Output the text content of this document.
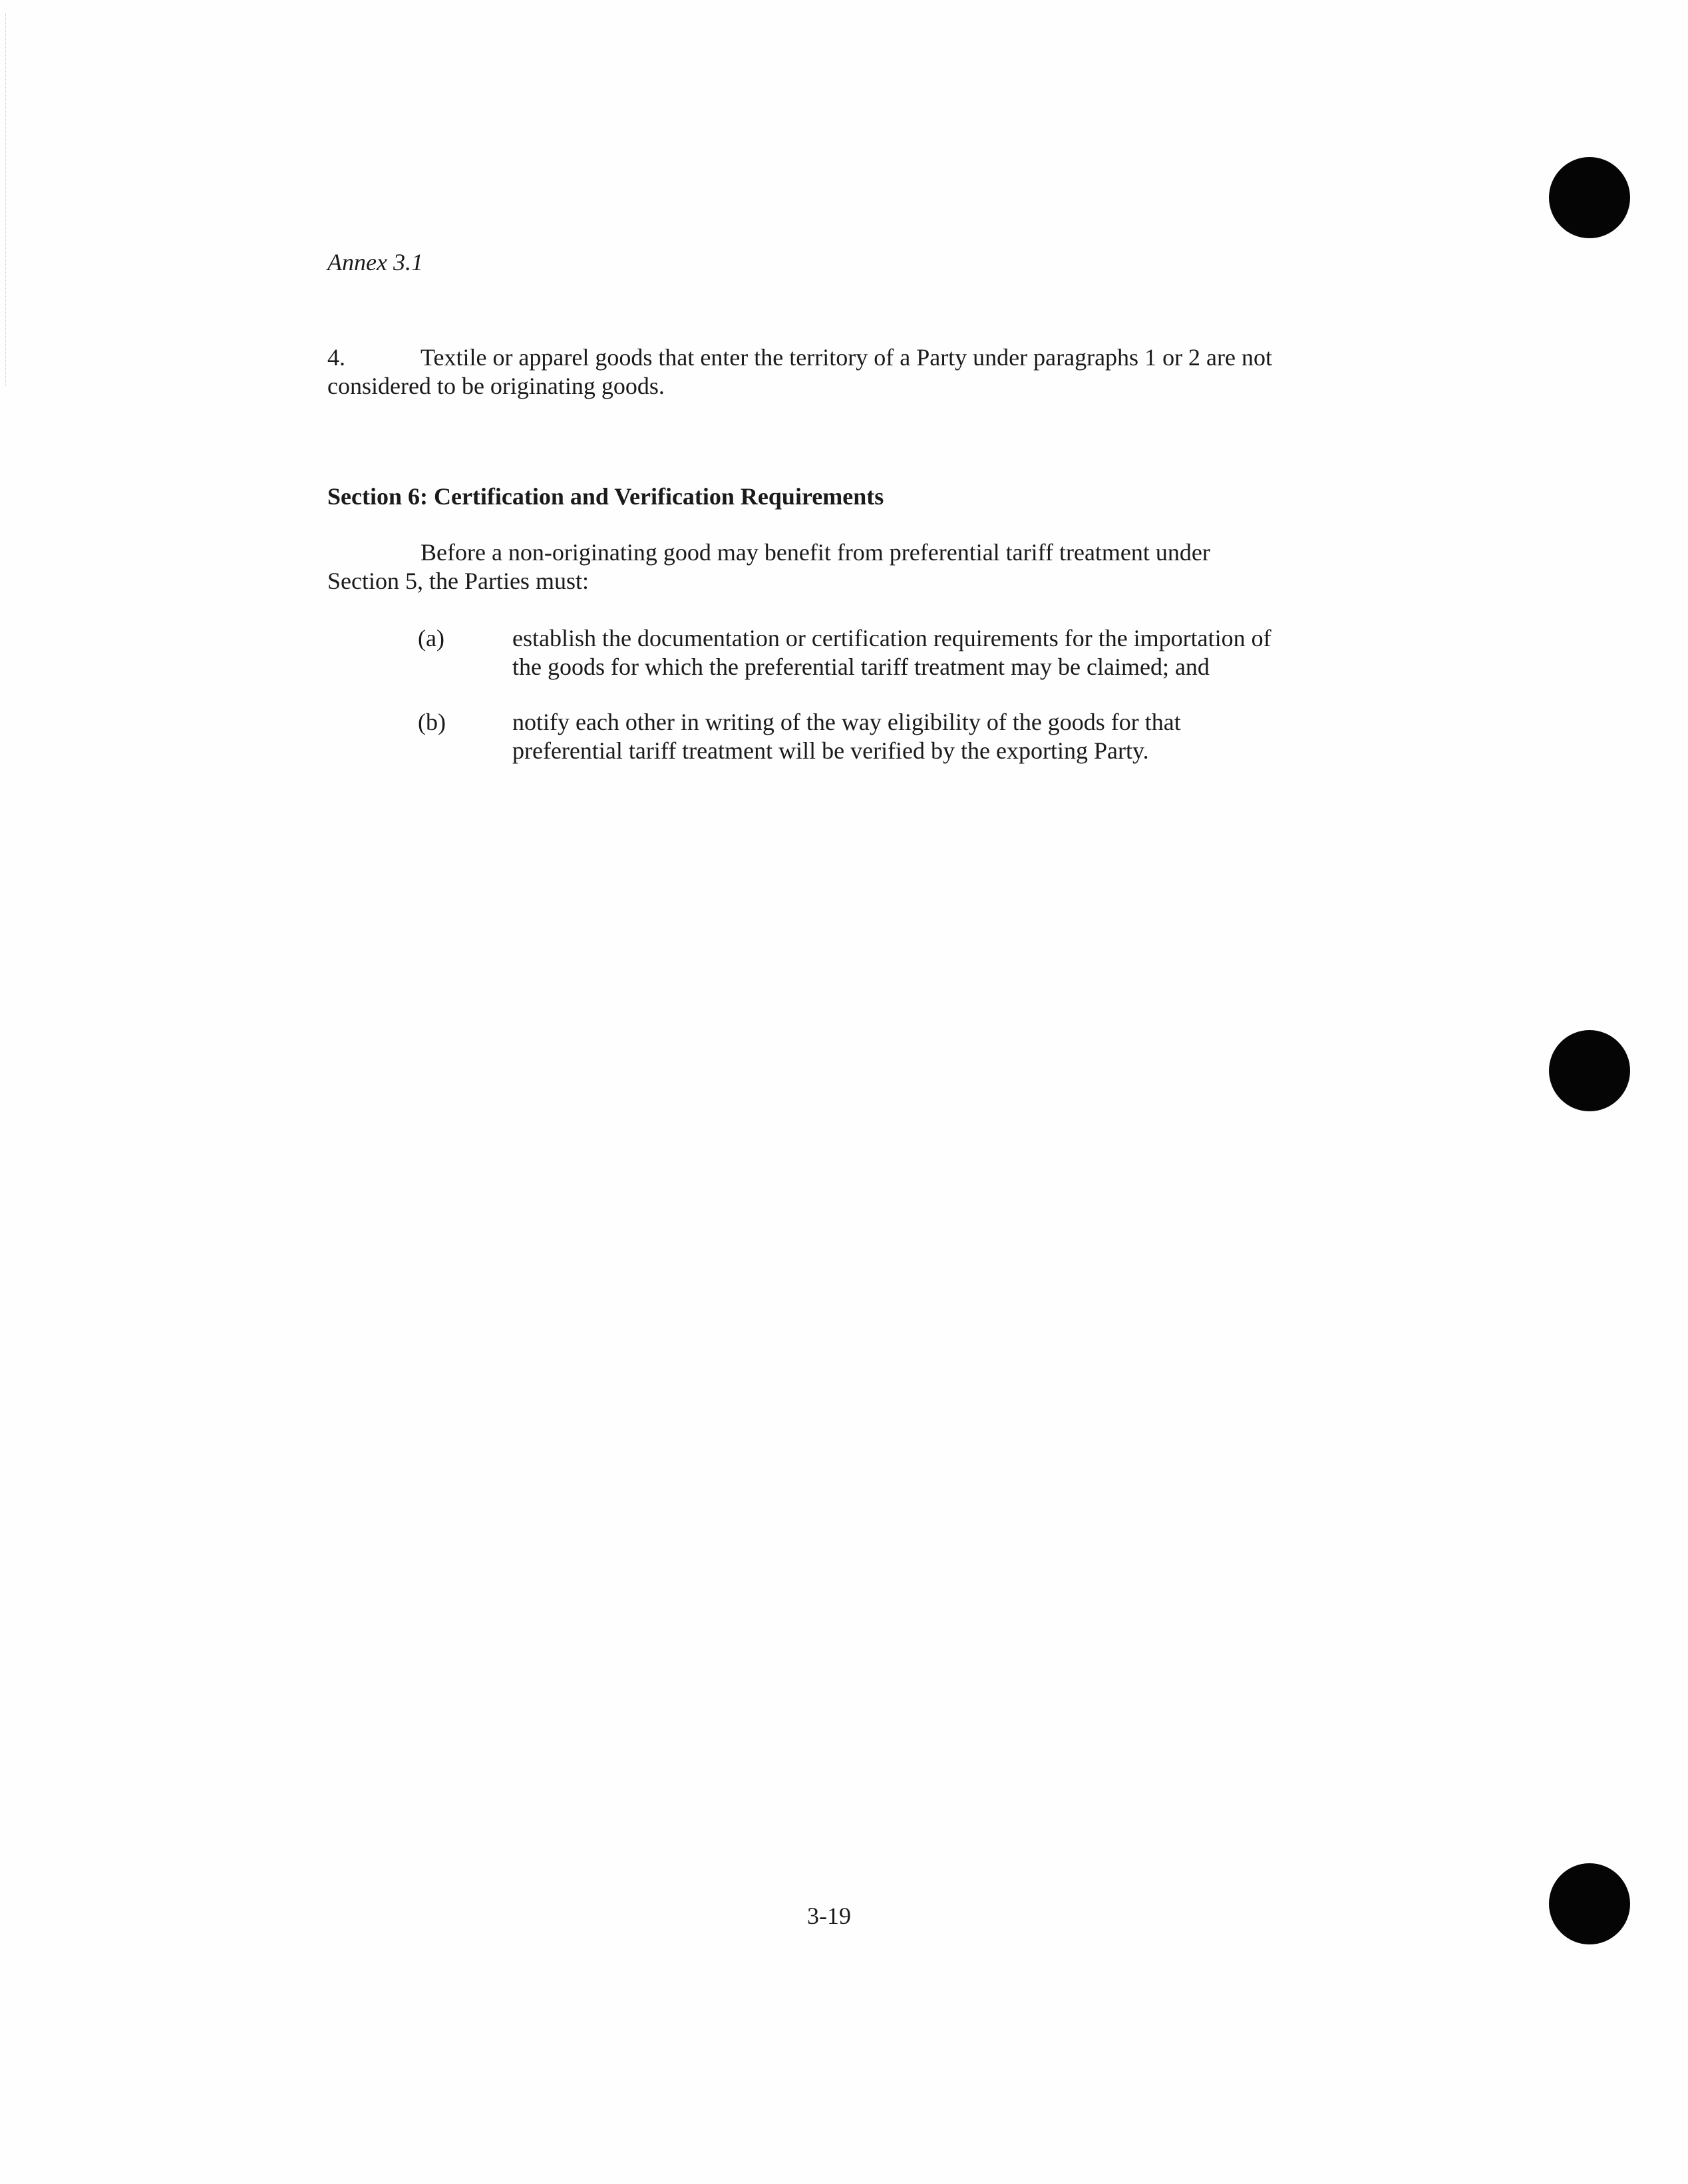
Annex 3.1
4.	Textile or apparel goods that enter the territory of a Party under paragraphs 1 or 2 are not
considered to be originating goods.
Section 6: Certification and Verification Requirements
Before a non-originating good may benefit from preferential tariff treatment under
Section 5, the Parties must:
(a)	establish the documentation or certification requirements for the importation of
the goods for which the preferential tariff treatment may be claimed; and
(b)	notify each other in writing of the way eligibility of the goods for that
preferential tariff treatment will be verified by the exporting Party.
3-19
